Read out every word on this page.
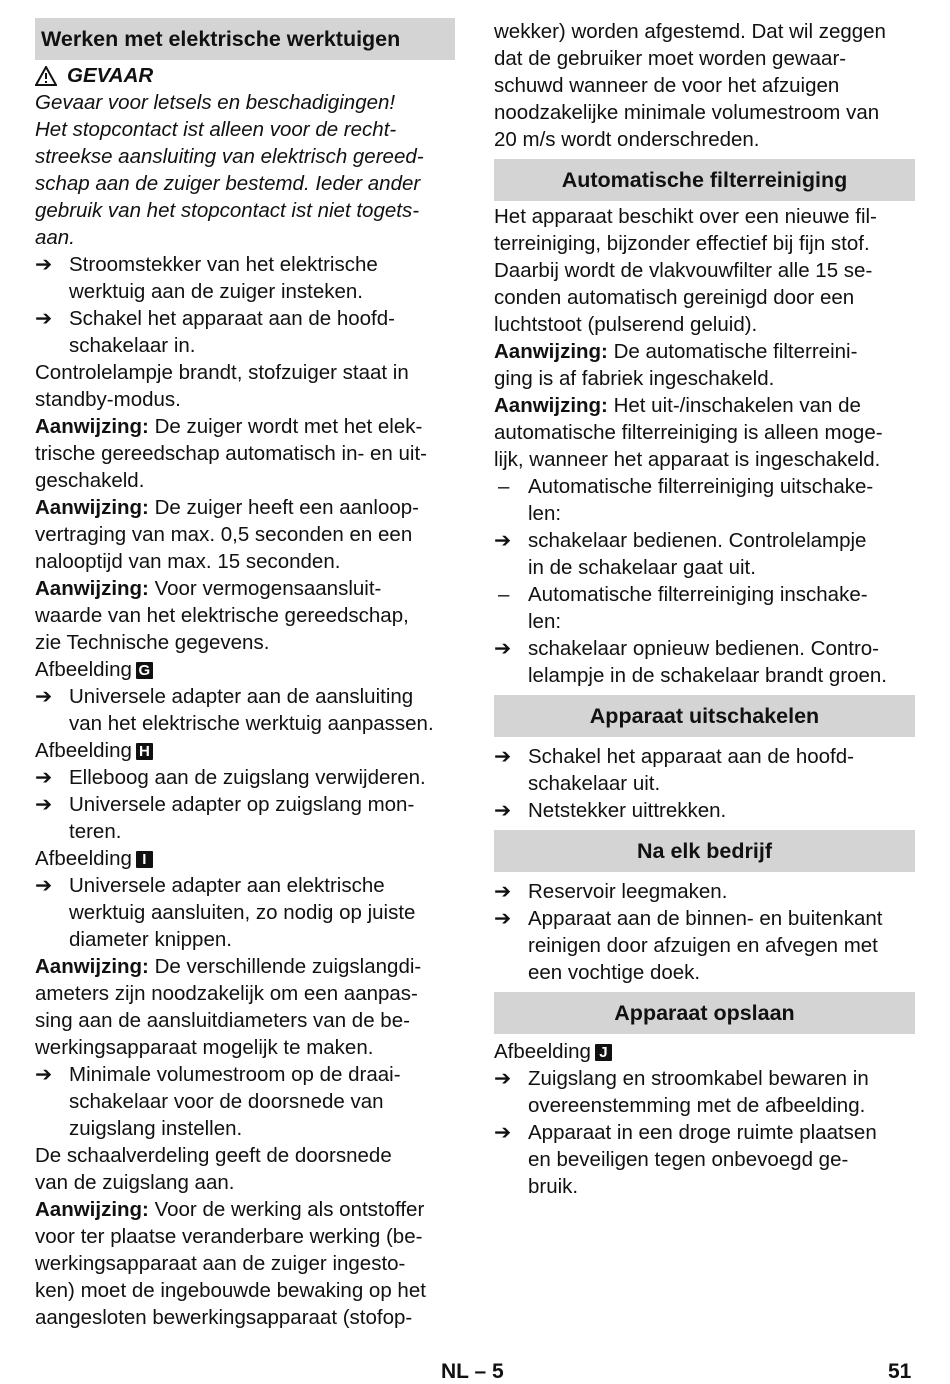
Werken met elektrische werktuigen
GEVAAR

Gevaar voor letsels en beschadigingen!

Het stopcontact ist alleen voor de recht-

streekse aansluiting van elektrisch gereed-

schap aan de zuiger bestemd. Ieder ander

gebruik van het stopcontact ist niet togets-

aan.

➔ Stroomstekker van het elektrische

werktuig aan de zuiger insteken.

➔ Schakel het apparaat aan de hoofd-

schakelaar in.

Controlelampje brandt, stofzuiger staat in

standby-modus.

Aanwijzing: De zuiger wordt met het elek-

trische gereedschap automatisch in- en uit-

geschakeld.

Aanwijzing: De zuiger heeft een aanloop-

vertraging van max. 0,5 seconden en een

nalooptijd van max. 15 seconden.

Aanwijzing: Voor vermogensaansluit-

waarde van het elektrische gereedschap,

zie Technische gegevens.

Afbeelding G

➔ Universele adapter aan de aansluiting

van het elektrische werktuig aanpassen.

Afbeelding H

➔ Elleboog aan de zuigslang verwijderen.

➔ Universele adapter op zuigslang mon-

teren.

Afbeelding I

➔ Universele adapter aan elektrische

werktuig aansluiten, zo nodig op juiste

diameter knippen.

Aanwijzing: De verschillende zuigslangdi-

ameters zijn noodzakelijk om een aanpas-

sing aan de aansluitdiameters van de be-

werkingsapparaat mogelijk te maken.

➔ Minimale volumestroom op de draai-

schakelaar voor de doorsnede van

zuigslang instellen.

De schaalverdeling geeft de doorsnede

van de zuigslang aan.

Aanwijzing: Voor de werking als ontstoffer

voor ter plaatse veranderbare werking (be-

werkingsapparaat aan de zuiger ingesto-

ken) moet de ingebouwde bewaking op het

aangesloten bewerkingsapparaat (stofop-

wekker) worden afgestemd. Dat wil zeggen

dat de gebruiker moet worden gewaar-

schuwd wanneer de voor het afzuigen

noodzakelijke minimale volumestroom van

20 m/s wordt onderschreden.

Automatische filterreiniging

Het apparaat beschikt over een nieuwe fil-

terreiniging, bijzonder effectief bij fijn stof.

Daarbij wordt de vlakvouwfilter alle 15 se-

conden automatisch gereinigd door een

luchtstoot (pulserend geluid).

Aanwijzing: De automatische filterreini-

ging is af fabriek ingeschakeld.

Aanwijzing: Het uit-/inschakelen van de

automatische filterreiniging is alleen moge-

lijk, wanneer het apparaat is ingeschakeld.

– Automatische filterreiniging uitschake-

len:

➔ schakelaar bedienen. Controlelampje

in de schakelaar gaat uit.

– Automatische filterreiniging inschake-

len:

➔ schakelaar opnieuw bedienen. Contro-

lelampje in de schakelaar brandt groen.

Apparaat uitschakelen
➔ Schakel het apparaat aan de hoofd-

schakelaar uit.

➔ Netstekker uittrekken.

Na elk bedrijf
➔ Reservoir leegmaken.

➔ Apparaat aan de binnen- en buitenkant

reinigen door afzuigen en afvegen met

een vochtige doek.

Apparaat opslaan

Afbeelding J

➔ Zuigslang en stroomkabel bewaren in

overeenstemming met de afbeelding.

➔ Apparaat in een droge ruimte plaatsen

en beveiligen tegen onbevoegd ge-

bruik.

NL – 5	51
